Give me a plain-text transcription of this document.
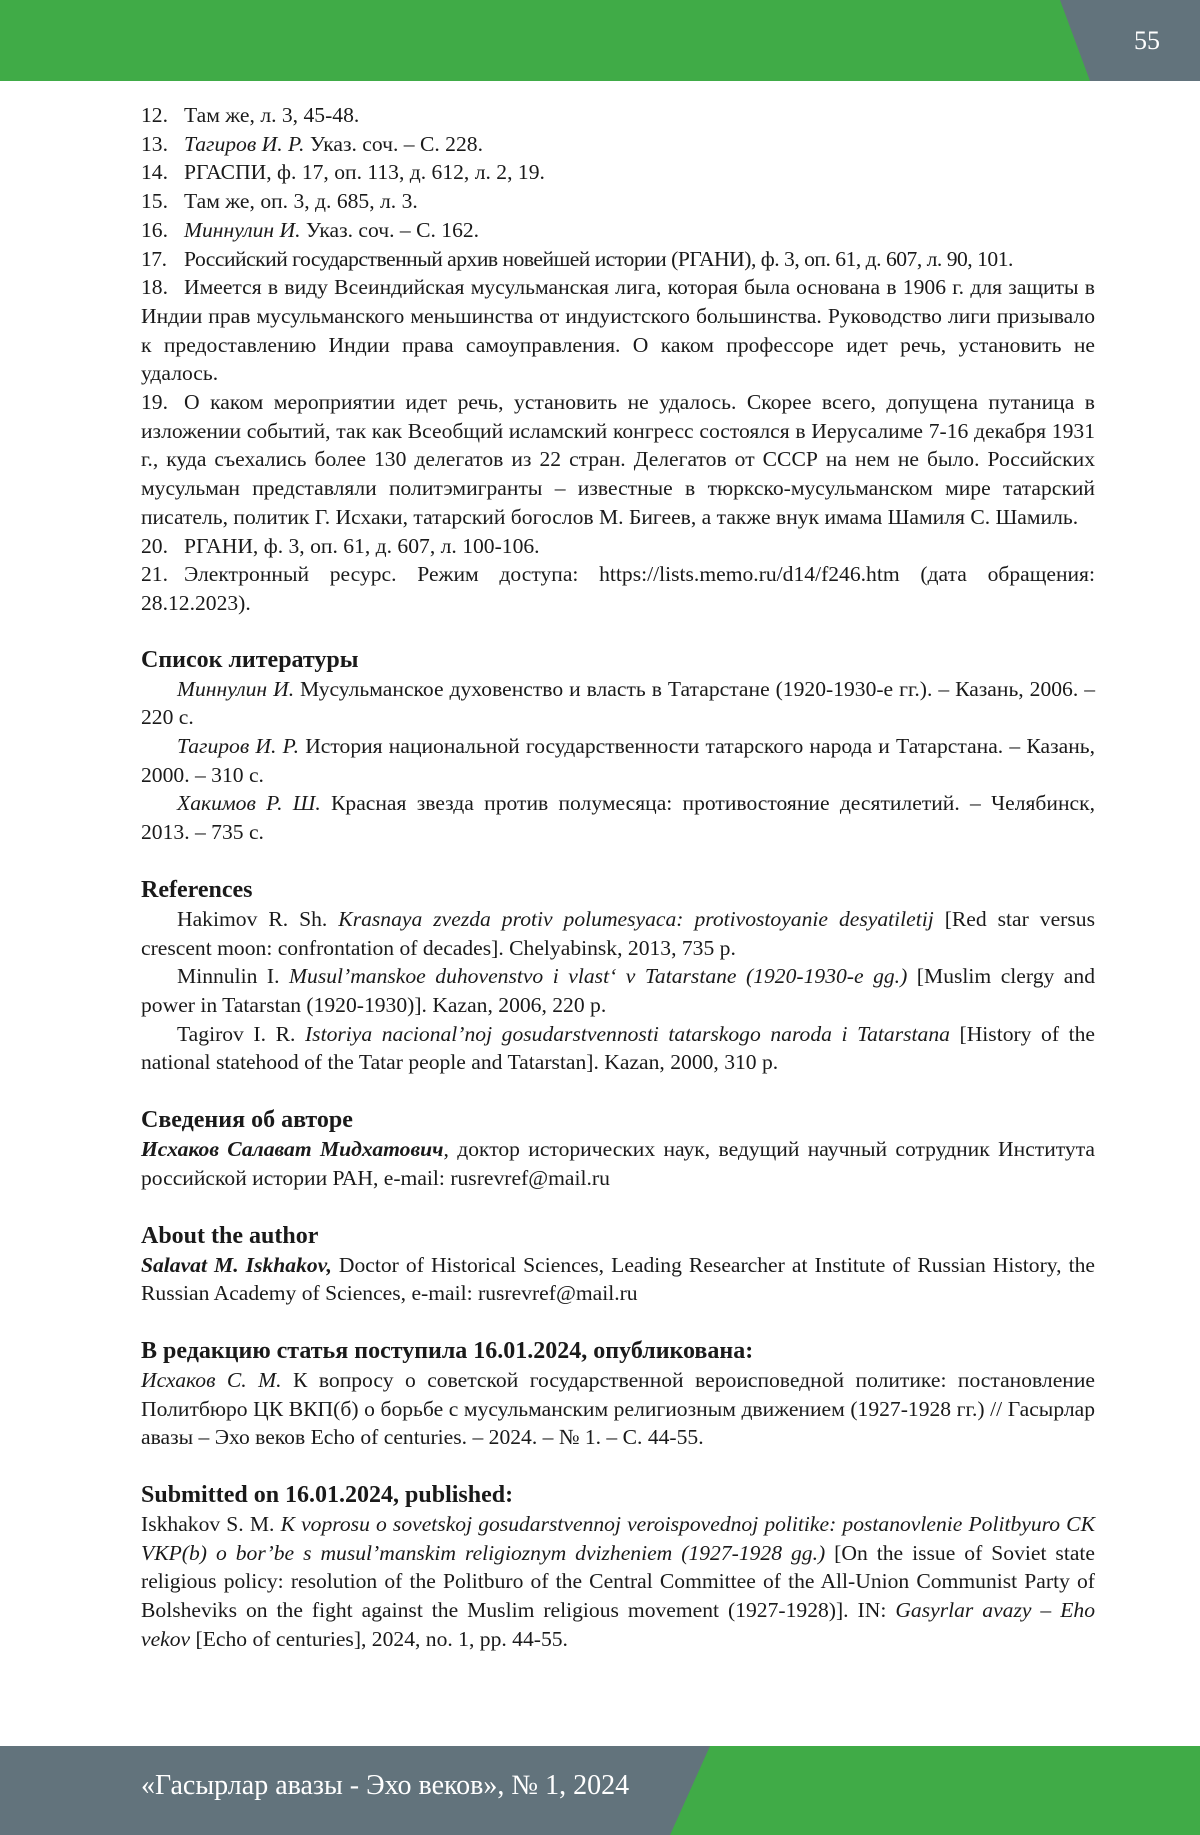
55

12. Там же, л. 3, 45-48.

13. Тагиров И. Р. Указ. соч. – С. 228.

14. РГАСПИ, ф. 17, оп. 113, д. 612, л. 2, 19.

15. Там же, оп. 3, д. 685, л. 3.

16. Миннулин И. Указ. соч. – С. 162.

17. Российский государственный архив новейшей истории (РГАНИ), ф. 3, оп. 61, д. 607, л. 90, 101.

18. Имеется в виду Всеиндийская мусульманская лига, которая была основана в 1906 г. для защиты в Индии прав мусульманского меньшинства от индуистского большинства. Руководство лиги призывало к предоставлению Индии права самоуправления. О каком профессоре идет речь, установить не удалось.

19. О каком мероприятии идет речь, установить не удалось. Скорее всего, допущена путаница в изложении событий, так как Всеобщий исламский конгресс состоялся в Иерусалиме 7-16 декабря 1931 г., куда съехались более 130 делегатов из 22 стран. Делегатов от СССР на нем не было. Российских мусульман представляли политэмигранты – известные в тюркско-мусульманском мире татарский писатель, политик Г. Исхаки, татарский богослов М. Бигеев, а также внук имама Шамиля С. Шамиль.

20. РГАНИ, ф. 3, оп. 61, д. 607, л. 100-106.

21. Электронный ресурс. Режим доступа: https://lists.memo.ru/d14/f246.htm (дата обращения: 28.12.2023).

Список литературы

Миннулин И. Мусульманское духовенство и власть в Татарстане (1920-1930-е гг.). – Казань, 2006. – 220 с.

Тагиров И. Р. История национальной государственности татарского народа и Татарстана. – Казань, 2000. – 310 с.

Хакимов Р. Ш. Красная звезда против полумесяца: противостояние десятилетий. – Челябинск, 2013. – 735 с.

References

Hakimov R. Sh. Krasnaya zvezda protiv polumesyaca: protivostoyanie desyatiletij [Red star versus crescent moon: confrontation of decades]. Chelyabinsk, 2013, 735 p.

Minnulin I. Musul’manskoe duhovenstvo i vlast‘ v Tatarstane (1920-1930-e gg.) [Muslim clergy and power in Tatarstan (1920-1930)]. Kazan, 2006, 220 p.

Tagirov I. R. Istoriya nacional’noj gosudarstvennosti tatarskogo naroda i Tatarstana [History of the national statehood of the Tatar people and Tatarstan]. Kazan, 2000, 310 p.

Сведения об авторе

Исхаков Салават Мидхатович, доктор исторических наук, ведущий научный сотрудник Института российской истории РАН, e-mail: rusrevref@mail.ru

About the author

Salavat M. Iskhakov, Doctor of Historical Sciences, Leading Researcher at Institute of Russian History, the Russian Academy of Sciences, e-mail: rusrevref@mail.ru

В редакцию статья поступила 16.01.2024, опубликована:

Исхаков С. М. К вопросу о советской государственной вероисповедной политике: постановление Политбюро ЦК ВКП(б) о борьбе с мусульманским религиозным движением (1927-1928 гг.) // Гасырлар авазы – Эхо веков Echo of centuries. – 2024. – № 1. – С. 44-55.

Submitted on 16.01.2024, published:

Iskhakov S. M. K voprosu o sovetskoj gosudarstvennoj veroispovednoj politike: postanovlenie Politbyuro CK VKP(b) o bor’be s musul’manskim religioznym dvizheniem (1927-1928 gg.) [On the issue of Soviet state religious policy: resolution of the Politburo of the Central Committee of the All-Union Communist Party of Bolsheviks on the fight against the Muslim religious movement (1927-1928)]. IN: Gasyrlar avazy – Eho vekov [Echo of centuries], 2024, no. 1, pp. 44-55.

«Гасырлар авазы - Эхо веков», № 1, 2024
